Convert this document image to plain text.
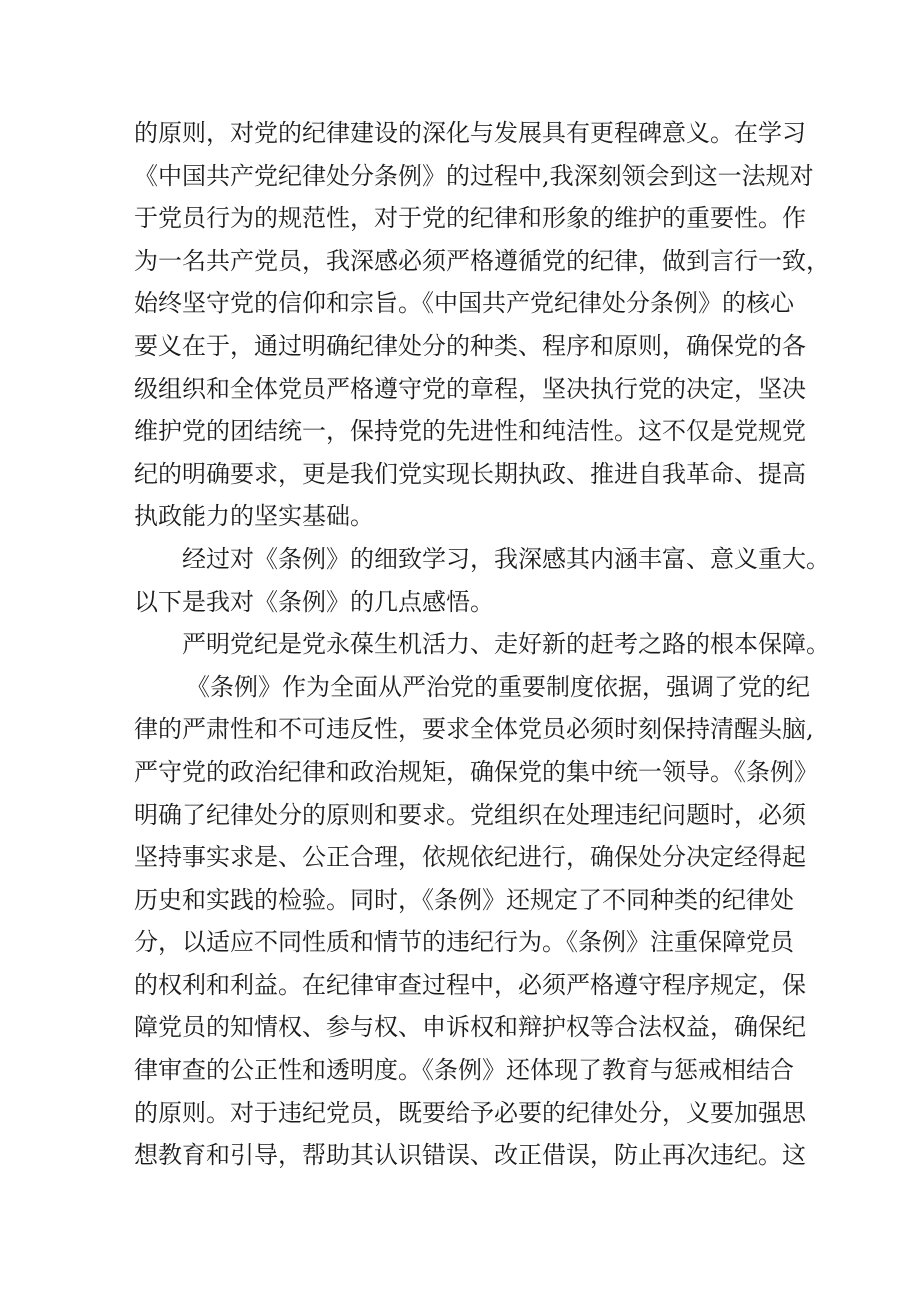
的原则，对党的纪律建设的深化与发展具有更程碑意义。在学习
《中国共产党纪律处分条例》的过程中,我深刻领会到这一法规对
于党员行为的规范性，对于党的纪律和形象的维护的重要性。作
为一名共产党员，我深感必须严格遵循党的纪律，做到言行一致，
始终坚守党的信仰和宗旨。《中国共产党纪律处分条例》的核心
要义在于，通过明确纪律处分的种类、程序和原则，确保党的各
级组织和全体党员严格遵守党的章程，坚决执行党的决定，坚决
维护党的团结统一，保持党的先进性和纯洁性。这不仅是党规党
纪的明确要求，更是我们党实现长期执政、推进自我革命、提高
执政能力的坚实基础。
经过对《条例》的细致学习，我深感其内涵丰富、意义重大。
以下是我对《条例》的几点感悟。
严明党纪是党永葆生机活力、走好新的赶考之路的根本保障。
《条例》作为全面从严治党的重要制度依据，强调了党的纪
律的严肃性和不可违反性，要求全体党员必须时刻保持清醒头脑,
严守党的政治纪律和政治规矩，确保党的集中统一领导。《条例》
明确了纪律处分的原则和要求。党组织在处理违纪问题时，必须
坚持事实求是、公正合理，依规依纪进行，确保处分决定经得起
历史和实践的检验。同时，《条例》还规定了不同种类的纪律处
分，以适应不同性质和情节的违纪行为。《条例》注重保障党员
的权利和利益。在纪律审查过程中，必须严格遵守程序规定，保
障党员的知情权、参与权、申诉权和辩护权等合法权益，确保纪
律审查的公正性和透明度。《条例》还体现了教育与惩戒相结合
的原则。对于违纪党员，既要给予必要的纪律处分，义要加强思
想教育和引导，帮助其认识错误、改正借误，防止再次违纪。这
